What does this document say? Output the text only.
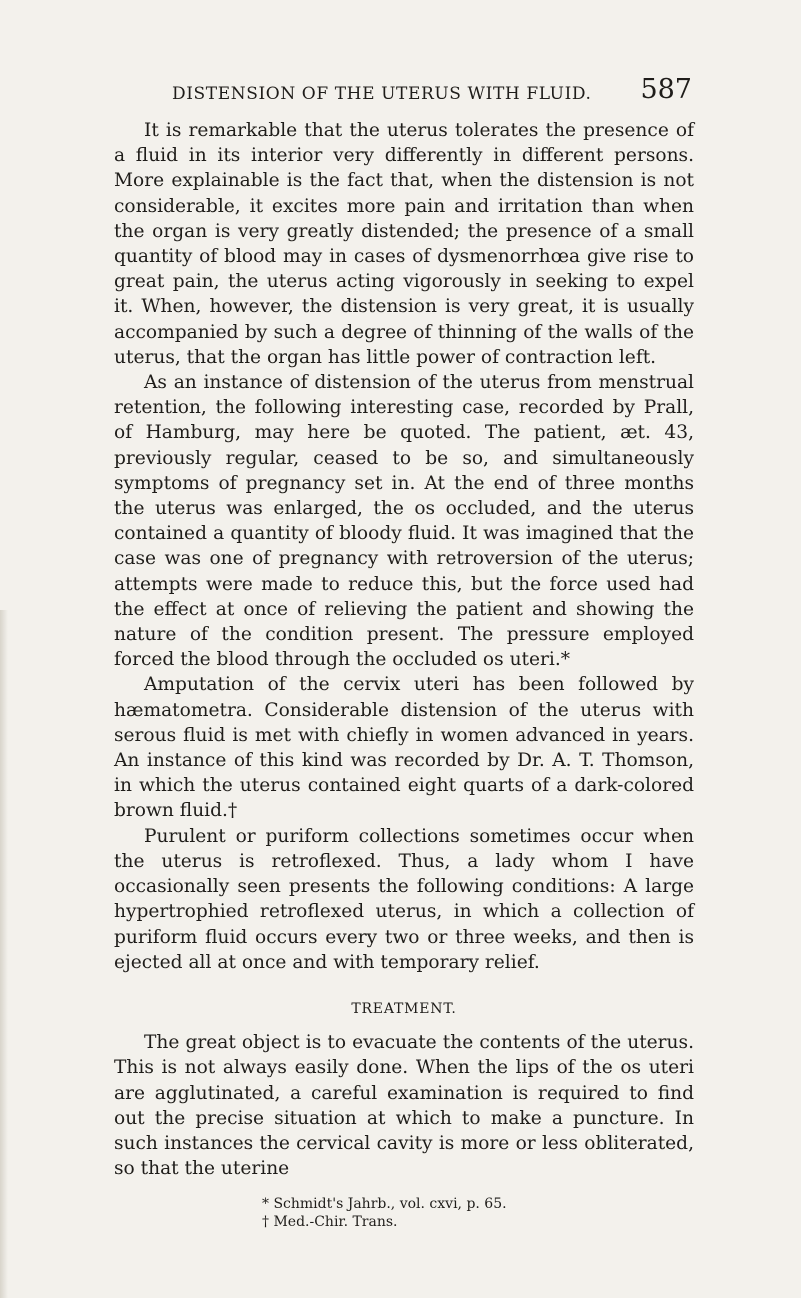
DISTENSION OF THE UTERUS WITH FLUID. 587

It is remarkable that the uterus tolerates the presence of a fluid in its interior very differently in different persons. More explainable is the fact that, when the distension is not considerable, it excites more pain and irritation than when the organ is very greatly distended; the presence of a small quantity of blood may in cases of dysmenorrhœa give rise to great pain, the uterus acting vigorously in seeking to expel it. When, however, the distension is very great, it is usually accompanied by such a degree of thinning of the walls of the uterus, that the organ has little power of contraction left.

As an instance of distension of the uterus from menstrual retention, the following interesting case, recorded by Prall, of Hamburg, may here be quoted. The patient, æt. 43, previously regular, ceased to be so, and simultaneously symptoms of pregnancy set in. At the end of three months the uterus was enlarged, the os occluded, and the uterus contained a quantity of bloody fluid. It was imagined that the case was one of pregnancy with retroversion of the uterus; attempts were made to reduce this, but the force used had the effect at once of relieving the patient and showing the nature of the condition present. The pressure employed forced the blood through the occluded os uteri.*

Amputation of the cervix uteri has been followed by hæmatometra. Considerable distension of the uterus with serous fluid is met with chiefly in women advanced in years. An instance of this kind was recorded by Dr. A. T. Thomson, in which the uterus contained eight quarts of a dark-colored brown fluid.†

Purulent or puriform collections sometimes occur when the uterus is retroflexed. Thus, a lady whom I have occasionally seen presents the following conditions: A large hypertrophied retroflexed uterus, in which a collection of puriform fluid occurs every two or three weeks, and then is ejected all at once and with temporary relief.

TREATMENT.

The great object is to evacuate the contents of the uterus. This is not always easily done. When the lips of the os uteri are agglutinated, a careful examination is required to find out the precise situation at which to make a puncture. In such instances the cervical cavity is more or less obliterated, so that the uterine

* Schmidt's Jahrb., vol. cxvi, p. 65.
† Med.-Chir. Trans.
